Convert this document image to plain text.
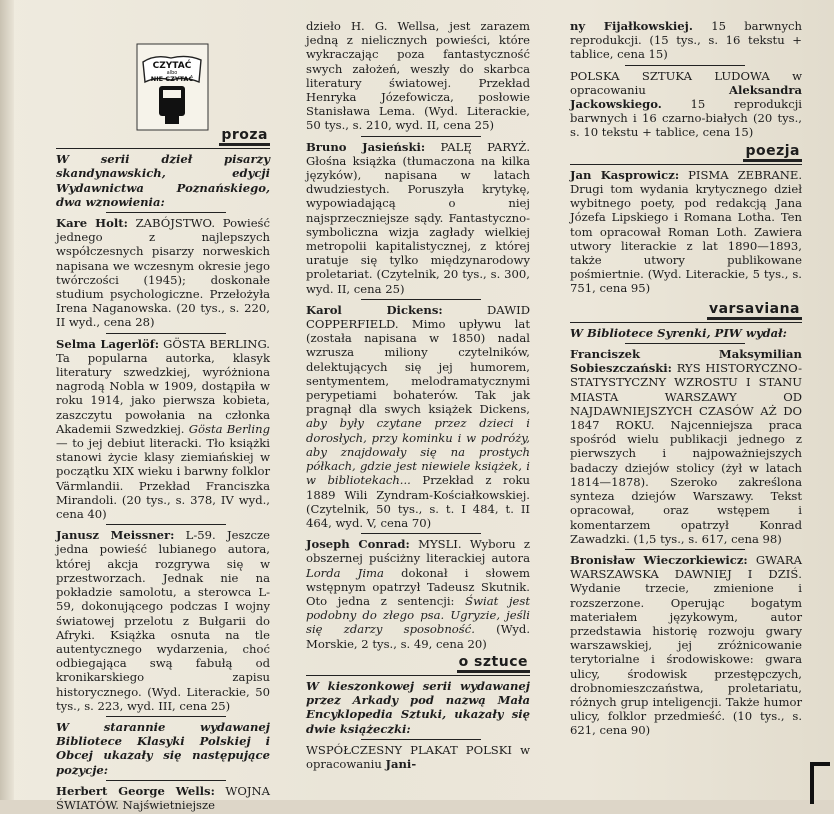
CZYTAĆ
albo
NIE CZYTAĆ
proza

W serii dzieł pisarzy skandynawskich, edycji Wydawnictwa Poznańskiego, dwa wznowienia:

Kare Holt: ZABÓJSTWO. Powieść jednego z najlepszych współczesnych pisarzy norweskich napisana we wczesnym okresie jego twórczości (1945); doskonałe studium psychologiczne. Przełożyła Irena Naganowska. (20 tys., s. 220, II wyd., cena 28)

Selma Lagerlöf: GÖSTA BERLING. Ta popularna autorka, klasyk literatury szwedzkiej, wyróżniona nagrodą Nobla w 1909, dostąpiła w roku 1914, jako pierwsza kobieta, zaszczytu powołania na członka Akademii Szwedzkiej. Gösta Berling — to jej debiut literacki. Tło książki stanowi życie klasy ziemiańskiej w początku XIX wieku i barwny folklor Värmlandii. Przekład Franciszka Mirandoli. (20 tys., s. 378, IV wyd., cena 40)

Janusz Meissner: L-59. Jeszcze jedna powieść lubianego autora, której akcja rozgrywa się w przestworzach. Jednak nie na pokładzie samolotu, a sterowca L-59, dokonującego podczas I wojny światowej przelotu z Bułgarii do Afryki. Książka osnuta na tle autentycznego wydarzenia, choć odbiegająca swą fabułą od kronikarskiego zapisu historycznego. (Wyd. Literackie, 50 tys., s. 223, wyd. III, cena 25)

W starannie wydawanej Bibliotece Klasyki Polskiej i Obcej ukazały się następujące pozycje:

Herbert George Wells: WOJNA ŚWIATÓW. Najświetniejsze

dzieło H. G. Wellsa, jest zarazem jedną z nielicznych powieści, które wykraczając poza fantastyczność swych założeń, weszły do skarbca literatury światowej. Przekład Henryka Józefowicza, posłowie Stanisława Lema. (Wyd. Literackie, 50 tys., s. 210, wyd. II, cena 25)

Bruno Jasieński: PALĘ PARYŻ. Głośna książka (tłumaczona na kilka języków), napisana w latach dwudziestych. Poruszyła krytykę, wypowiadającą o niej najsprzeczniejsze sądy. Fantastyczno-symboliczna wizja zagłady wielkiej metropolii kapitalistycznej, z której uratuje się tylko międzynarodowy proletariat. (Czytelnik, 20 tys., s. 300, wyd. II, cena 25)

Karol Dickens:	DAWID COPPERFIELD. Mimo upływu lat (została napisana w 1850) nadal wzrusza miliony czytelników, delektujących się jej humorem, sentymentem, melodramatycznymi perypetiami bohaterów. Tak jak pragnął dla swych książek Dickens, aby były czytane przez dzieci i dorosłych, przy kominku i w podróży, aby znajdowały się na prostych półkach, gdzie jest niewiele książek, i w bibliotekach... Przekład z roku 1889 Wili Zyndram-Kościałkowskiej. (Czytelnik, 50 tys., s. t. I 484, t. II 464, wyd. V, cena 70)

Joseph Conrad: MYSLI. Wyboru z obszernej puściżny literackiej autora Lorda Jima dokonał i słowem wstępnym opatrzył Tadeusz Skutnik. Oto jedna z sentencji: Świat jest podobny do złego psa. Ugryzie, jeśli się zdarzy sposobność. (Wyd. Morskie, 2 tys., s. 49, cena 20)

o sztuce

W kieszonkowej serii wydawanej przez Arkady pod nazwą Mała Encyklopedia Sztuki, ukazały się dwie książeczki:

WSPÓŁCZESNY PLAKAT POLSKI w opracowaniu Jani-

ny Fijałkowskiej. 15 barwnych reprodukcji. (15 tys., s. 16 tekstu + tablice, cena 15)

POLSKA SZTUKA LUDOWA w opracowaniu	Aleksandra Jackowskiego. 15 reprodukcji barwnych i 16 czarno-białych (20 tys., s. 10 tekstu + tablice, cena 15)

poezja

Jan Kasprowicz: PISMA ZEBRANE. Drugi tom wydania krytycznego dzieł wybitnego poety, pod redakcją Jana Józefa Lipskiego i Romana Lotha. Ten tom opracował Roman Loth. Zawiera utwory literackie z lat 1890—1893, także utwory publikowane pośmiertnie. (Wyd. Literackie, 5 tys., s. 751, cena 95)

varsaviana

W Bibliotece Syrenki, PIW wydał:

Franciszek Maksymilian Sobieszczański: RYS HISTORYCZNO-STATYSTYCZNY WZROSTU I STANU MIASTA WARSZAWY OD NAJDAWNIEJSZYCH CZASÓW AŻ DO 1847 ROKU. Najcenniejsza praca spośród wielu publikacji jednego z pierwszych i najpoważniejszych badaczy dziejów stolicy (żył w latach 1814—1878). Szeroko zakreślona synteza dziejów Warszawy. Tekst opracował, oraz wstępem i komentarzem opatrzył Konrad Zawadzki. (1,5 tys., s. 617, cena 98)

Bronisław Wieczorkiewicz: GWARA WARSZAWSKA DAWNIEJ I DZIŚ. Wydanie trzecie, zmienione i rozszerzone. Operując bogatym materiałem językowym, autor przedstawia historię rozwoju gwary warszawskiej, jej zróżnicowanie terytorialne i środowiskowe: gwara ulicy, środowisk przestępczych, drobnomieszczaństwa, proletariatu, różnych grup inteligencji. Także humor ulicy, folklor przedmieść. (10 tys., s. 621, cena 90)
